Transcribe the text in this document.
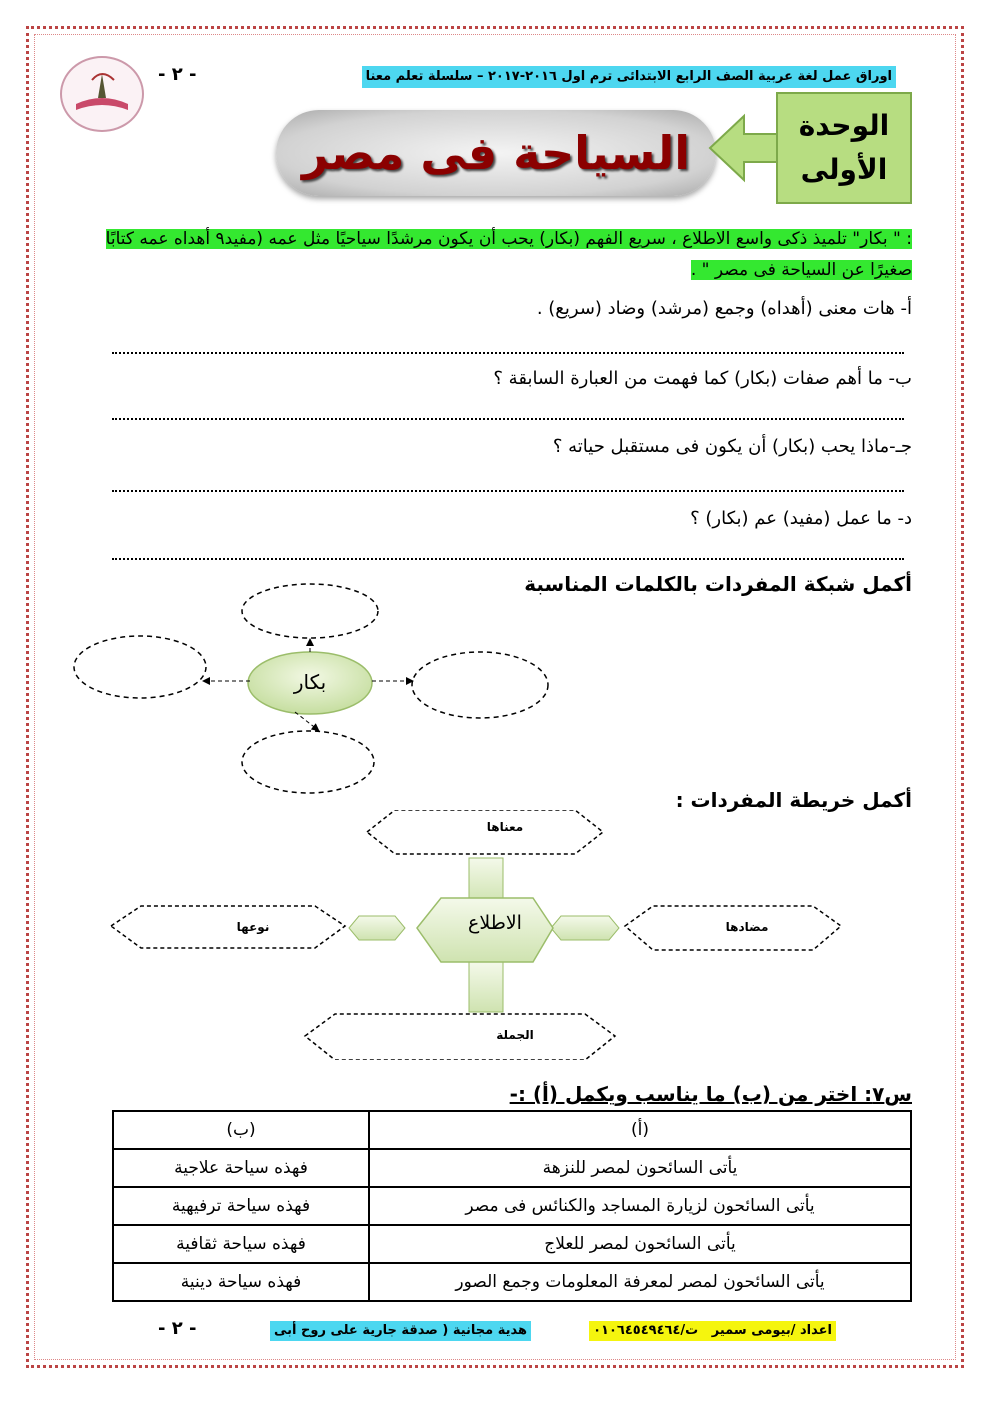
اوراق عمل لغة عربية الصف الرابع الابتدائى ترم اول ٢٠١٦-٢٠١٧ – سلسلة تعلم معنا
- ٢ -
السياحة فى مصر
الوحدة
الأولى
: " بكار" تلميذ ذكى واسع الاطلاع ، سريع الفهم (بكار) يحب أن يكون مرشدًا سياحيًا مثل عمه (مفيد٩ أهداه عمه كتابًا صغيرًا عن السياحة فى مصر " .
أ- هات معنى (أهداه) وجمع (مرشد) وضاد (سريع) .
ب- ما أهم صفات (بكار) كما فهمت من العبارة السابقة ؟
جـ-ماذا يحب (بكار) أن يكون فى مستقبل حياته ؟
د- ما عمل (مفيد) عم (بكار) ؟
أكمل شبكة المفردات بالكلمات المناسبة
بكار
أكمل خريطة المفردات :
معناها
نوعها	مضادها
الجملة
الاطلاع
س٧: اختر من (ب) ما يناسب ويكمل (أ) :-
(أ)	(ب)
يأتى السائحون لمصر للنزهة	فهذه سياحة علاجية
يأتى السائحون لزيارة المساجد والكنائس فى مصر	فهذه سياحة ترفيهية
يأتى السائحون لمصر للعلاج	فهذه سياحة ثقافية
يأتى السائحون لمصر لمعرفة المعلومات وجمع الصور	فهذه سياحة دينية
اعداد /بيومى سمير   ت/٠١٠٦٤٥٤٩٤٦٤
هدية مجانية ( صدقة جارية على روح أبى
- ٢ -
